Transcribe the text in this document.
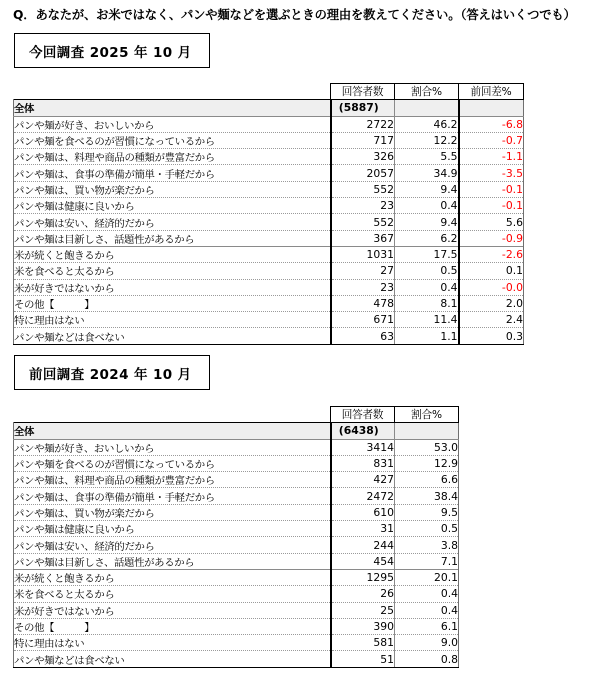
Q．あなたが、お米ではなく、パンや麺などを選ぶときの理由を教えてください。（答えはいくつでも）
今回調査 2025 年 10 月
	回答者数	割合%	前回差%
全体	(5887)		
パンや麺が好き、おいしいから	2722	46.2	-6.8
パンや麺を食べるのが習慣になっているから	717	12.2	-0.7
パンや麺は、料理や商品の種類が豊富だから	326	5.5	-1.1
パンや麺は、食事の準備が簡単・手軽だから	2057	34.9	-3.5
パンや麺は、買い物が楽だから	552	9.4	-0.1
パンや麺は健康に良いから	23	0.4	-0.1
パンや麺は安い、経済的だから	552	9.4	5.6
パンや麺は目新しさ、話題性があるから	367	6.2	-0.9
米が続くと飽きるから	1031	17.5	-2.6
米を食べると太るから	27	0.5	0.1
米が好きではないから	23	0.4	-0.0
その他【　　　】	478	8.1	2.0
特に理由はない	671	11.4	2.4
パンや麺などは食べない	63	1.1	0.3
前回調査 2024 年 10 月
	回答者数	割合%
全体	(6438)	
パンや麺が好き、おいしいから	3414	53.0
パンや麺を食べるのが習慣になっているから	831	12.9
パンや麺は、料理や商品の種類が豊富だから	427	6.6
パンや麺は、食事の準備が簡単・手軽だから	2472	38.4
パンや麺は、買い物が楽だから	610	9.5
パンや麺は健康に良いから	31	0.5
パンや麺は安い、経済的だから	244	3.8
パンや麺は目新しさ、話題性があるから	454	7.1
米が続くと飽きるから	1295	20.1
米を食べると太るから	26	0.4
米が好きではないから	25	0.4
その他【　　　】	390	6.1
特に理由はない	581	9.0
パンや麺などは食べない	51	0.8
